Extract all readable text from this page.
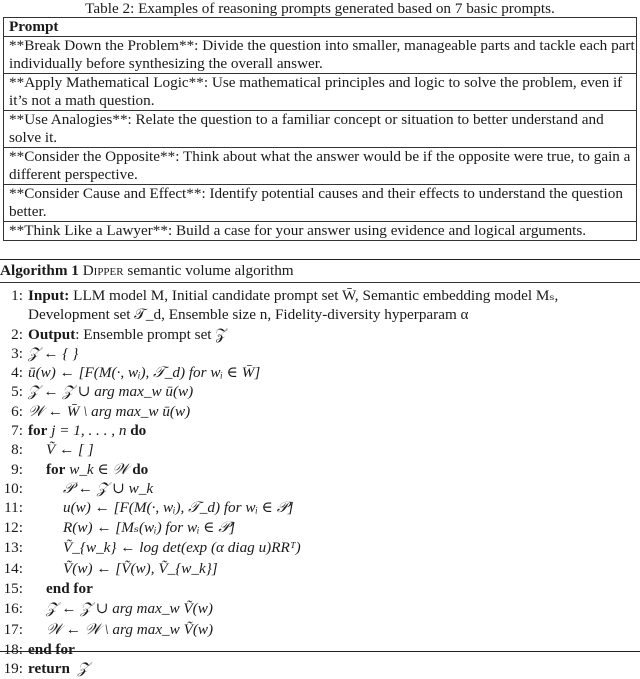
Table 2: Examples of reasoning prompts generated based on 7 basic prompts.
Prompt
**Break Down the Problem**: Divide the question into smaller, manageable parts and tackle each part individually before synthesizing the overall answer.
**Apply Mathematical Logic**: Use mathematical principles and logic to solve the problem, even if it’s not a math question.
**Use Analogies**: Relate the question to a familiar concept or situation to better understand and solve it.
**Consider the Opposite**: Think about what the answer would be if the opposite were true, to gain a different perspective.
**Consider Cause and Effect**: Identify potential causes and their effects to understand the question better.
**Think Like a Lawyer**: Build a case for your answer using evidence and logical arguments.
Algorithm 1 Dipper semantic volume algorithm
1: Input: LLM model M, Initial candidate prompt set W̄, Semantic embedding model Mₛ,
Development set 𝒯_d, Ensemble size n, Fidelity-diversity hyperparam α
2: Output: Ensemble prompt set 𝒵
3: 𝒵 ← { }
4: ū(w) ← [F(M(·, wᵢ), 𝒯_d) for wᵢ ∈ W̄]
5: 𝒵 ← 𝒵 ∪ arg max_w ū(w)
6: 𝒲 ← W̄ \ arg max_w ū(w)
7: for j = 1, . . . , n do
8: Ṽ ← [ ]
9: for w_k ∈ 𝒲 do
10:	𝒫 ← 𝒵 ∪ w_k
11:	u(w) ← [F(M(·, wᵢ), 𝒯_d) for wᵢ ∈ 𝒫]
12:	R(w) ← [Mₛ(wᵢ) for wᵢ ∈ 𝒫]
13:	Ṽ_{w_k} ← log det(exp (α diag u)RRᵀ)
14:	Ṽ(w) ← [Ṽ(w), Ṽ_{w_k}]
15: end for
16: 𝒵 ← 𝒵 ∪ arg max_w Ṽ(w)
17: 𝒲 ← 𝒲 \ arg max_w Ṽ(w)
18: end for
19: return 𝒵
